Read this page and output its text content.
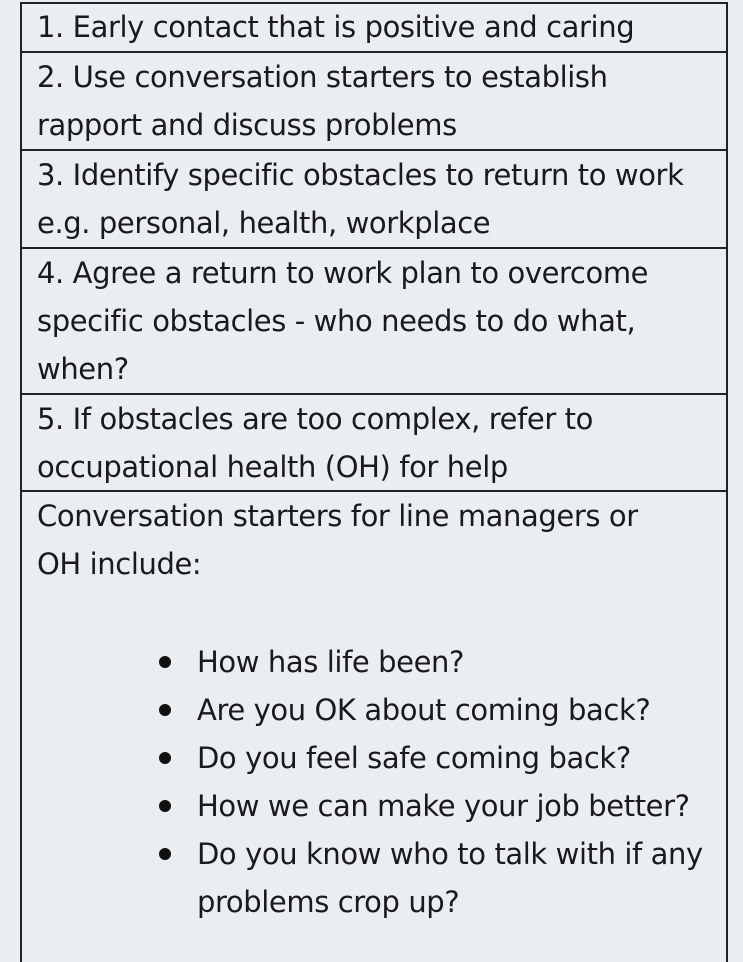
1. Early contact that is positive and caring
2. Use conversation starters to establish rapport and discuss problems
3. Identify specific obstacles to return to work e.g. personal, health, workplace
4. Agree a return to work plan to overcome specific obstacles - who needs to do what, when?
5. If obstacles are too complex, refer to occupational health (OH) for help
Conversation starters for line managers or OH include:
How has life been?
Are you OK about coming back?
Do you feel safe coming back?
How we can make your job better?
Do you know who to talk with if any problems crop up?
